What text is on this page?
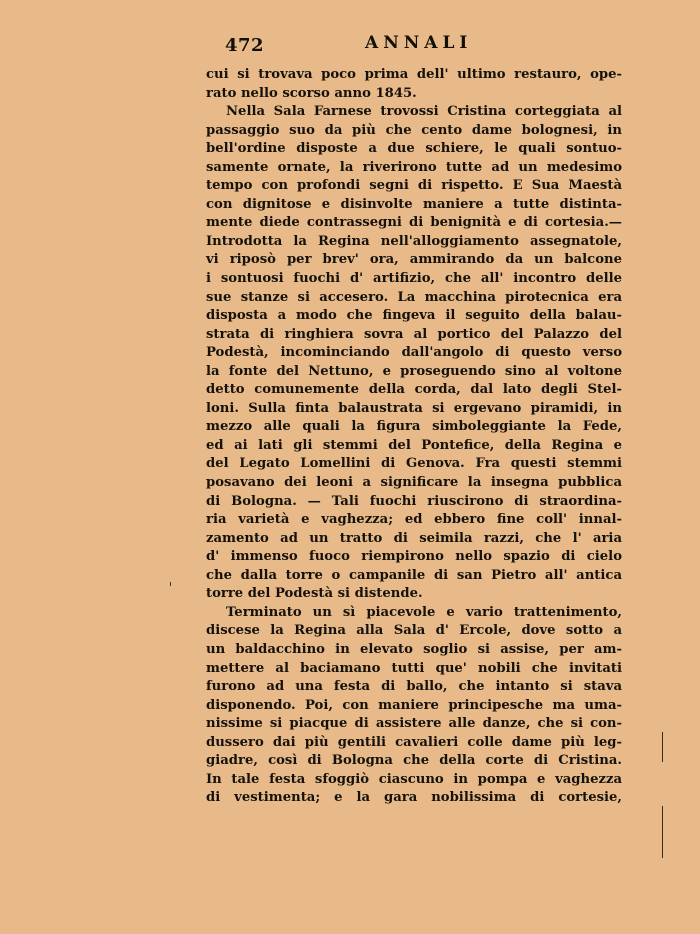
472	ANNALI
cui si trovava poco prima dell' ultimo restauro, ope-
rato nello scorso anno 1845.
Nella Sala Farnese trovossi Cristina corteggiata al
passaggio suo da più che cento dame bolognesi, in
bell'ordine disposte a due schiere, le quali sontuo-
samente ornate, la riverirono tutte ad un medesimo
tempo con profondi segni di rispetto. E Sua Maestà
con dignitose e disinvolte maniere a tutte distinta-
mente diede contrassegni di benignità e di cortesia.—
Introdotta la Regina nell'alloggiamento assegnatole,
vi riposò per brev' ora, ammirando da un balcone
i sontuosi fuochi d' artifizio, che all' incontro delle
sue stanze si accesero. La macchina pirotecnica era
disposta a modo che fingeva il seguito della balau-
strata di ringhiera sovra al portico del Palazzo del
Podestà, incominciando dall'angolo di questo verso
la fonte del Nettuno, e proseguendo sino al voltone
detto comunemente della corda, dal lato degli Stel-
loni. Sulla finta balaustrata si ergevano piramidi, in
mezzo alle quali la figura simboleggiante la Fede,
ed ai lati gli stemmi del Pontefice, della Regina e
del Legato Lomellini di Genova. Fra questi stemmi
posavano dei leoni a significare la insegna pubblica
di Bologna. — Tali fuochi riuscirono di straordina-
ria varietà e vaghezza; ed ebbero fine coll' innal-
zamento ad un tratto di seimila razzi, che l' aria
d' immenso fuoco riempirono nello spazio di cielo
che dalla torre o campanile di san Pietro all' antica
torre del Podestà si distende.
Terminato un sì piacevole e vario trattenimento,
discese la Regina alla Sala d' Ercole, dove sotto a
un baldacchino in elevato soglio si assise, per am-
mettere al baciamano tutti que' nobili che invitati
furono ad una festa di ballo, che intanto si stava
disponendo. Poi, con maniere principesche ma uma-
nissime si piacque di assistere alle danze, che si con-
dussero dai più gentili cavalieri colle dame più leg-
giadre, così di Bologna che della corte di Cristina.
In tale festa sfoggiò ciascuno in pompa e vaghezza
di vestimenta; e la gara nobilissima di cortesie,
